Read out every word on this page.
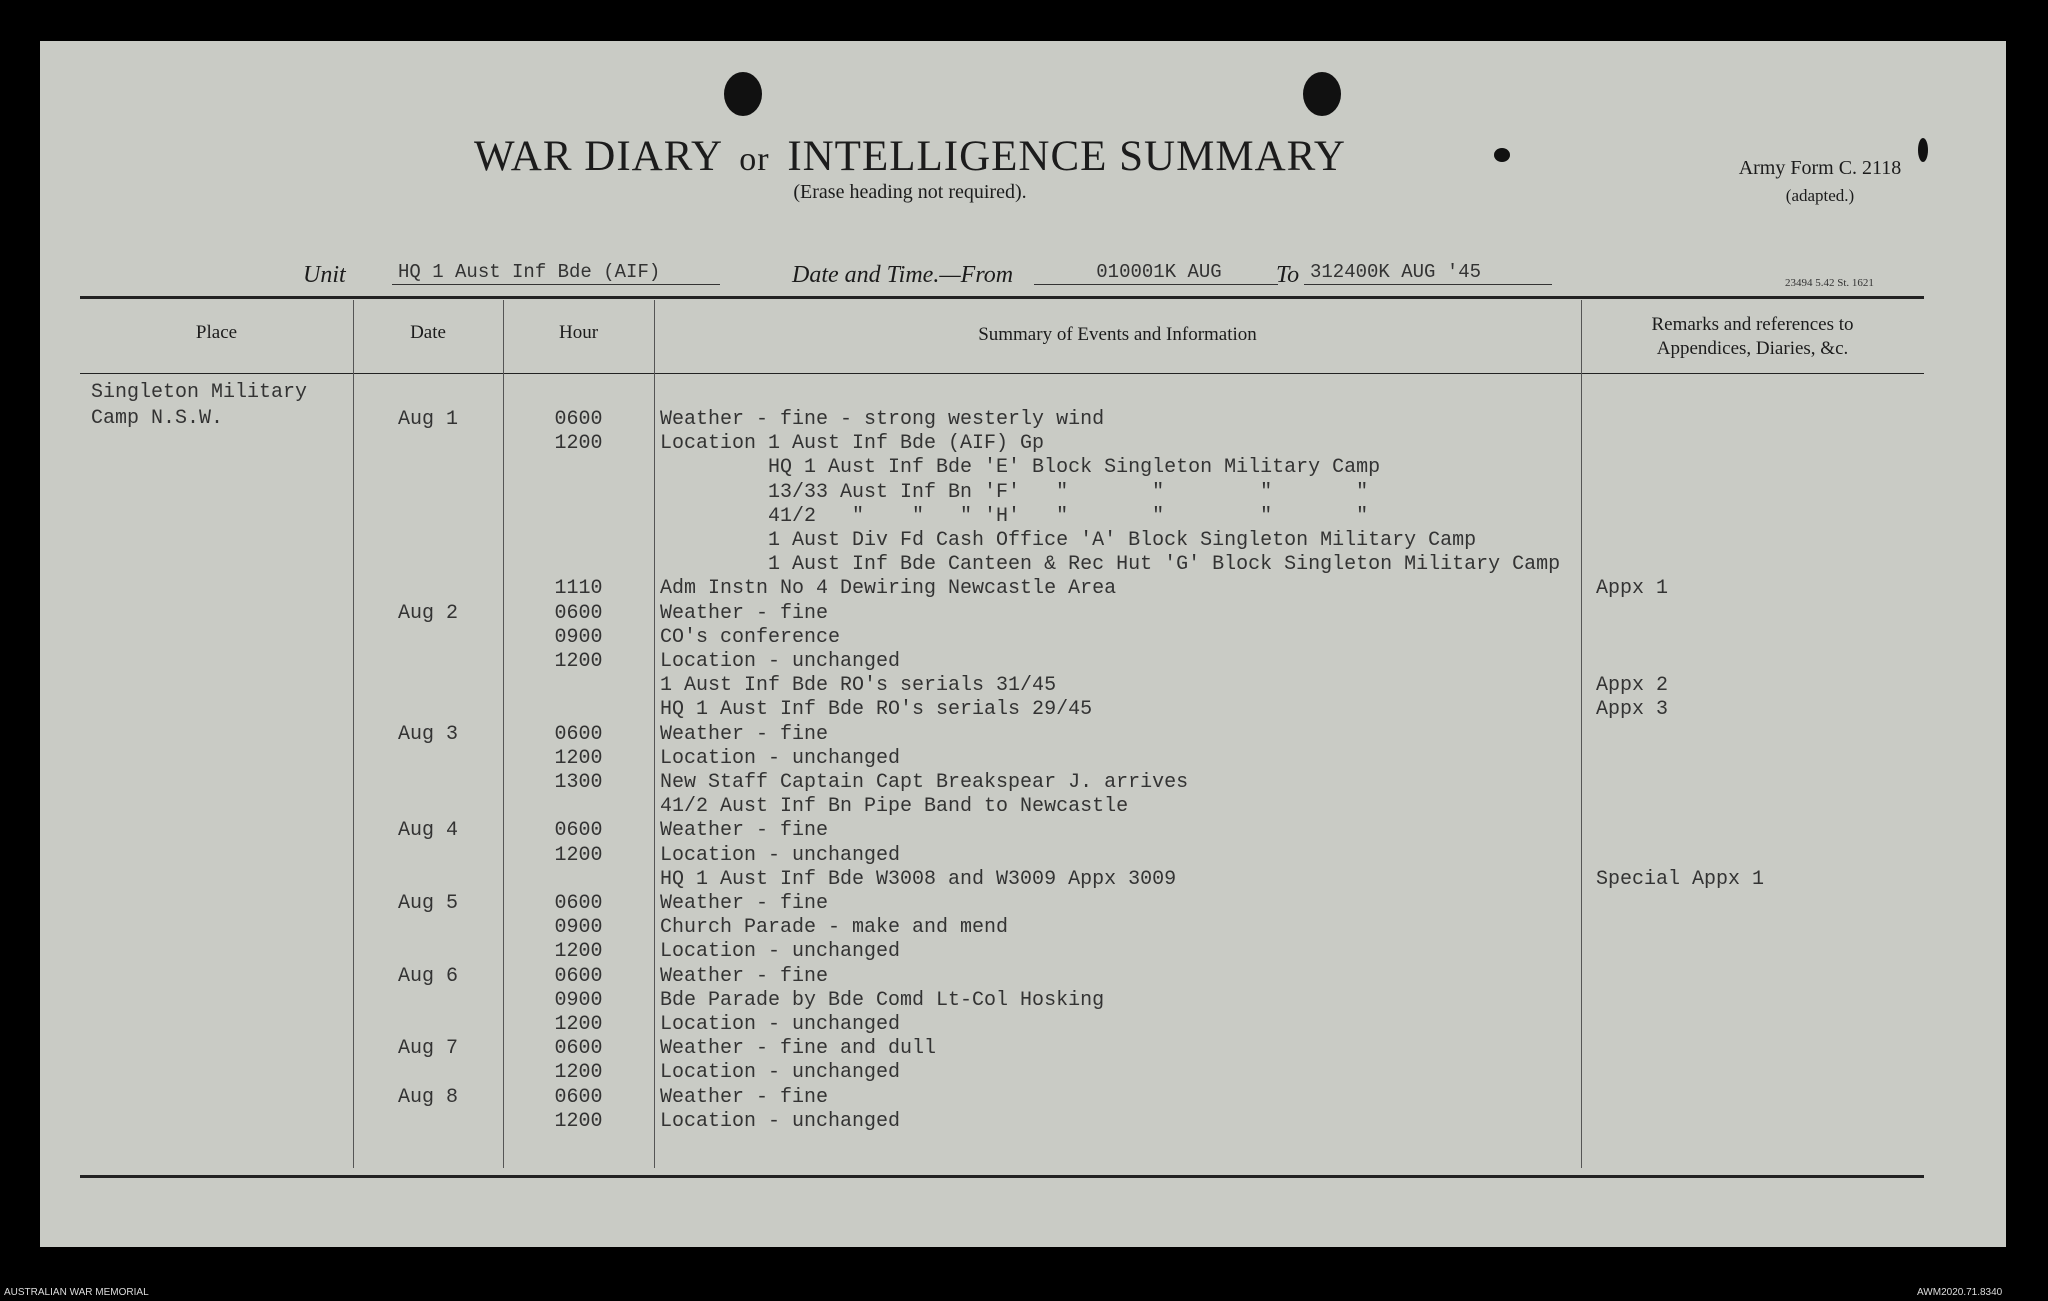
WAR DIARY or INTELLIGENCE SUMMARY
(Erase heading not required).
Army Form C. 2118
(adapted.)
23494 5.42 St. 1621
Unit	HQ 1 Aust Inf Bde (AIF)	Date and Time.—From	010001K AUG	To 312400K AUG '45
Place	Date	Hour	Summary of Events and Information	Remarks and references to
Appendices, Diaries, &c.
Singleton Military
Camp N.S.W.	Aug 1	0600	Weather - fine - strong westerly wind
1200	Location 1 Aust Inf Bde (AIF) Gp
HQ 1 Aust Inf Bde 'E' Block Singleton Military Camp
13/33 Aust Inf Bn 'F'   "       "        "       "
41/2   "    "   " 'H'   "       "        "       "
1 Aust Div Fd Cash Office 'A' Block Singleton Military Camp
1 Aust Inf Bde Canteen & Rec Hut 'G' Block Singleton Military Camp
1110	Adm Instn No 4 Dewiring Newcastle Area	Appx 1
Aug 2	0600	Weather - fine
0900	CO's conference
1200	Location - unchanged
1 Aust Inf Bde RO's serials 31/45	Appx 2
HQ 1 Aust Inf Bde RO's serials 29/45	Appx 3
Aug 3	0600	Weather - fine
1200	Location - unchanged
1300	New Staff Captain Capt Breakspear J. arrives
41/2 Aust Inf Bn Pipe Band to Newcastle
Aug 4	0600	Weather - fine
1200	Location - unchanged
HQ 1 Aust Inf Bde W3008 and W3009 Appx 3009	Special Appx 1
Aug 5	0600	Weather - fine
0900	Church Parade - make and mend
1200	Location - unchanged
Aug 6	0600	Weather - fine
0900	Bde Parade by Bde Comd Lt-Col Hosking
1200	Location - unchanged
Aug 7	0600	Weather - fine and dull
1200	Location - unchanged
Aug 8	0600	Weather - fine
1200	Location - unchanged
AUSTRALIAN WAR MEMORIAL	AWM2020.71.8340
